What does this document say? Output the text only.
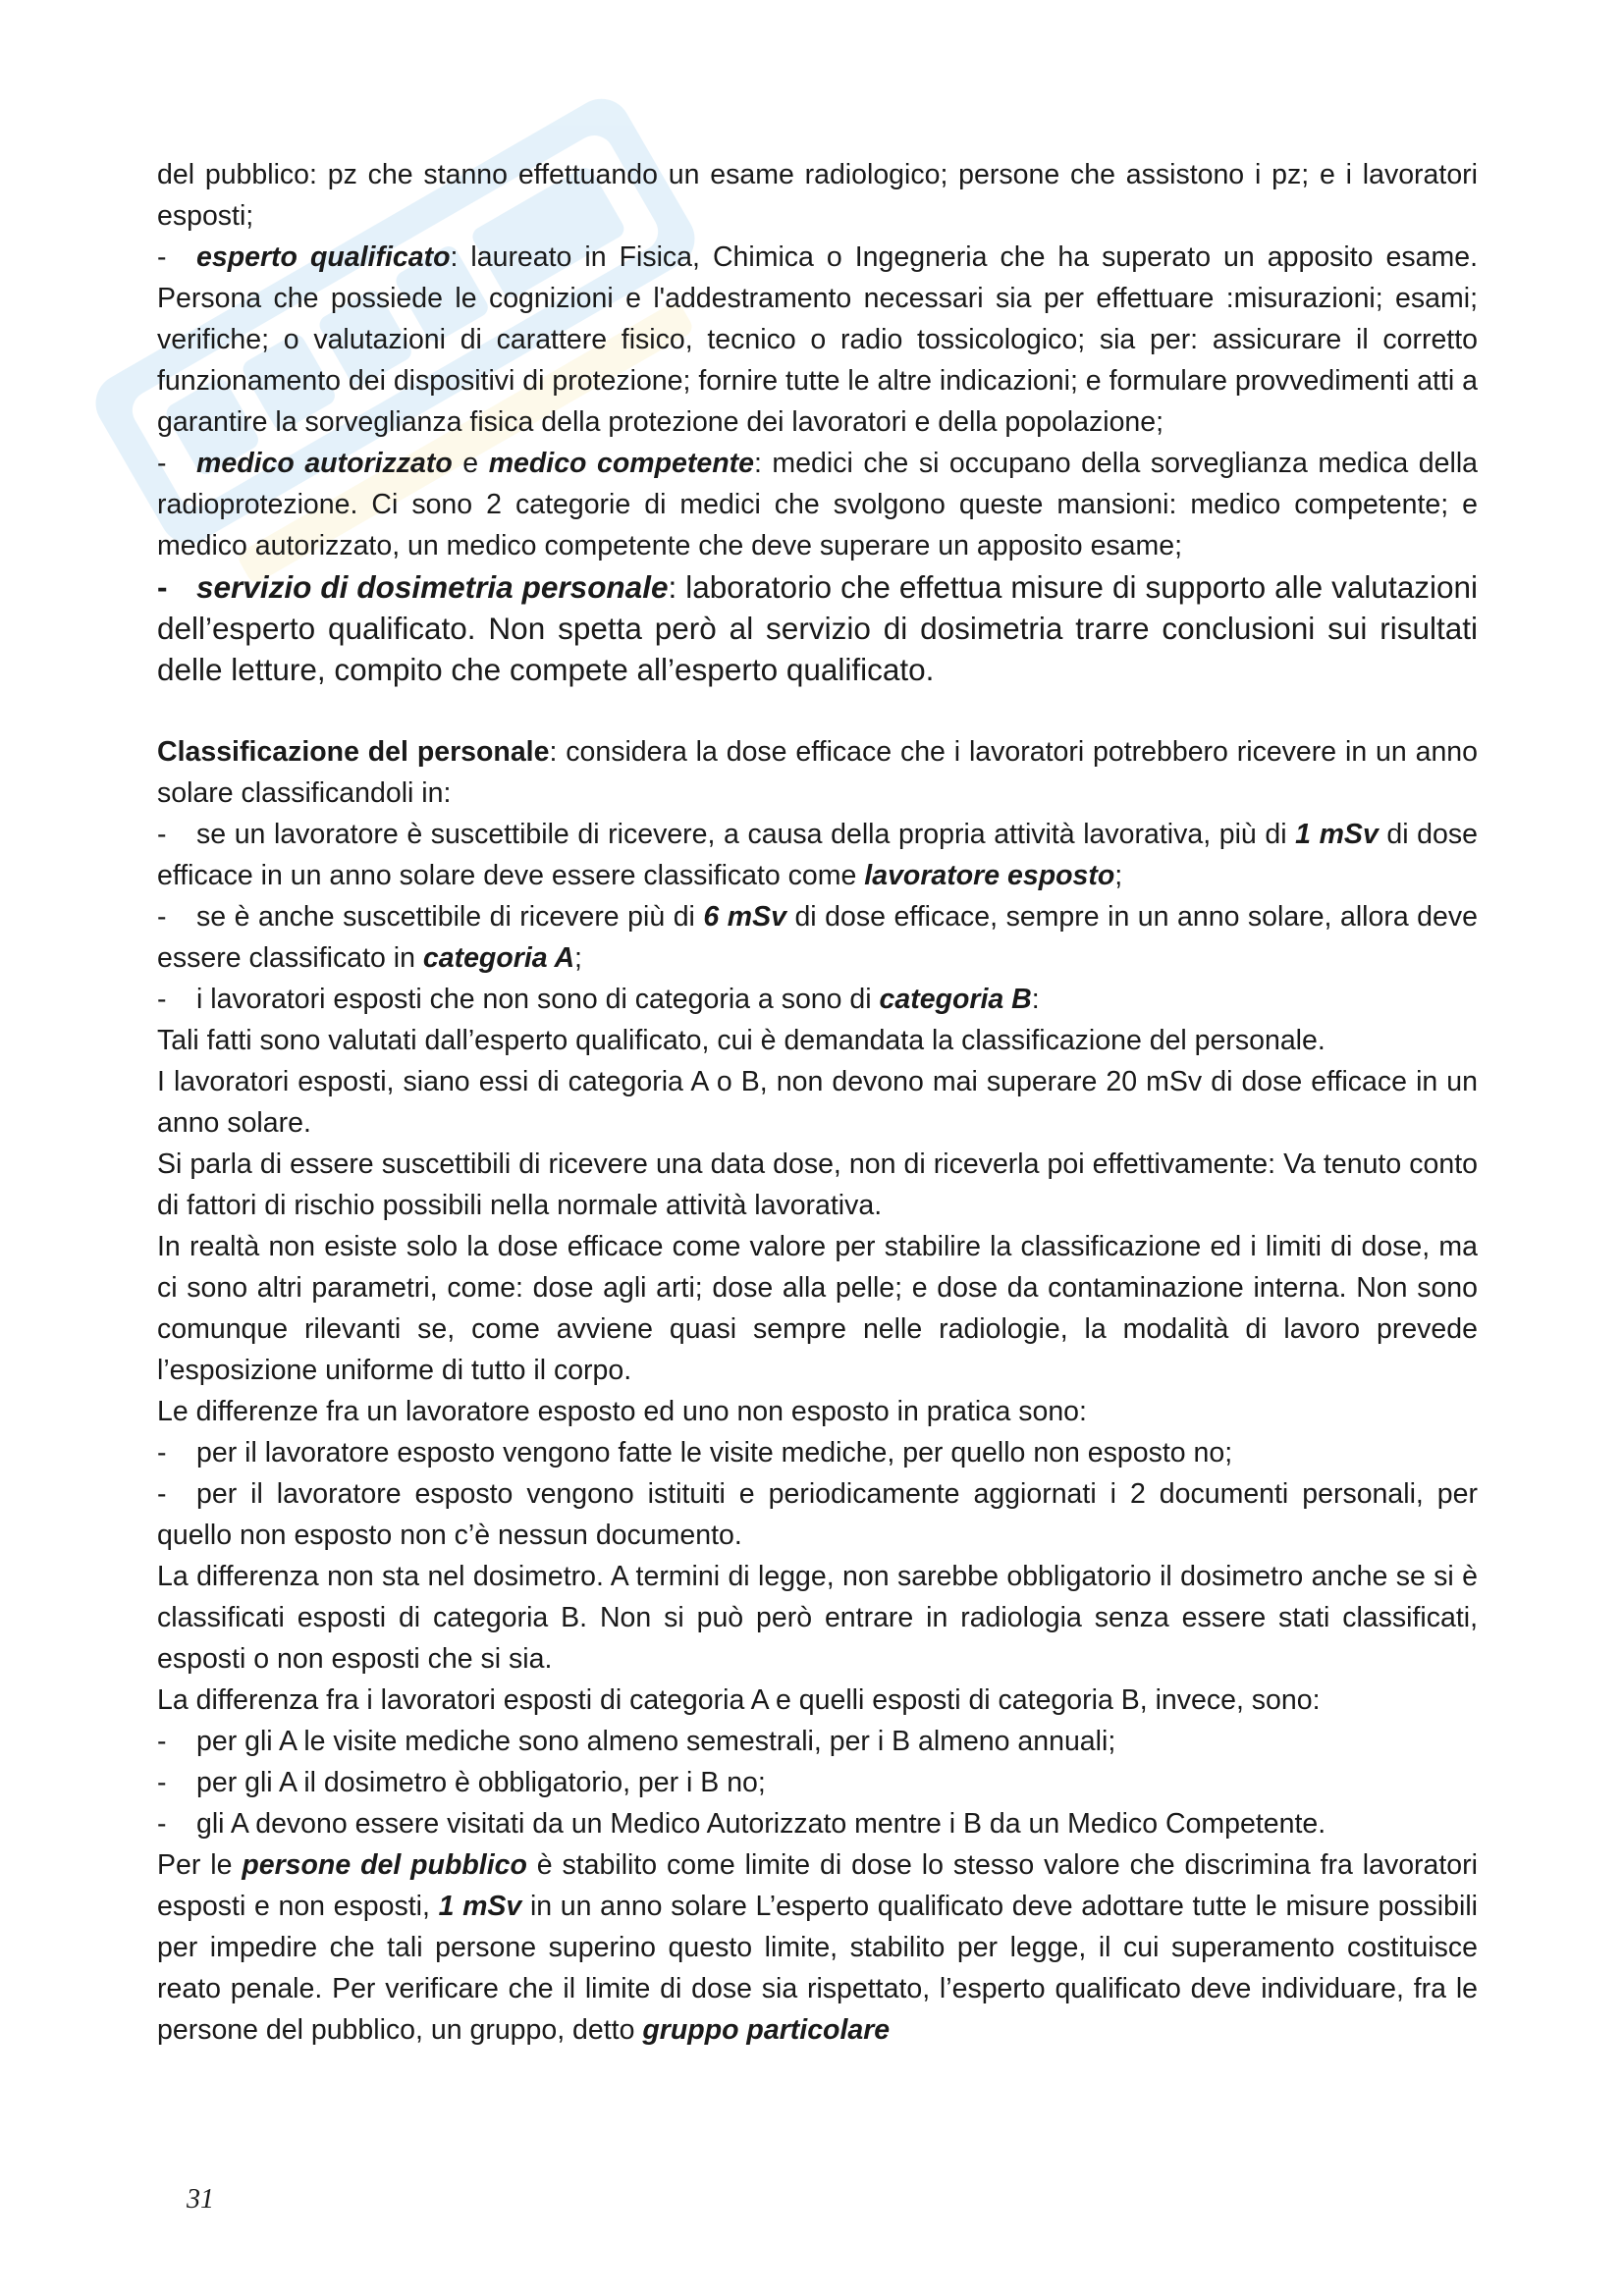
del pubblico: pz che stanno effettuando un esame radiologico; persone che assistono i pz; e i lavoratori esposti;

- esperto qualificato: laureato in Fisica, Chimica o Ingegneria che ha superato un apposito esame. Persona che possiede le cognizioni e l'addestramento necessari sia per effettuare :misurazioni; esami; verifiche; o valutazioni di carattere fisico, tecnico o radio tossicologico; sia per: assicurare il corretto funzionamento dei dispositivi di protezione; fornire tutte le altre indicazioni; e formulare provvedimenti atti a garantire la sorveglianza fisica della protezione dei lavoratori e della popolazione;

- medico autorizzato e medico competente: medici che si occupano della sorveglianza medica della radioprotezione. Ci sono 2 categorie di medici che svolgono queste mansioni: medico competente; e medico autorizzato, un medico competente che deve superare un apposito esame;

- servizio di dosimetria personale: laboratorio che effettua misure di supporto alle valutazioni dell’esperto qualificato. Non spetta però al servizio di dosimetria trarre conclusioni sui risultati delle letture, compito che compete all’esperto qualificato.

Classificazione del personale: considera la dose efficace che i lavoratori potrebbero ricevere in un anno solare classificandoli in:

- se un lavoratore è suscettibile di ricevere, a causa della propria attività lavorativa, più di 1 mSv di dose efficace in un anno solare deve essere classificato come lavoratore esposto;

- se è anche suscettibile di ricevere più di 6 mSv di dose efficace, sempre in un anno solare, allora deve essere classificato in categoria A;

- i lavoratori esposti che non sono di categoria a sono di categoria B:

Tali fatti sono valutati dall’esperto qualificato, cui è demandata la classificazione del personale.

I lavoratori esposti, siano essi di categoria A o B, non devono mai superare 20 mSv di dose efficace in un anno solare.

Si parla di essere suscettibili di ricevere una data dose, non di riceverla poi effettivamente: Va tenuto conto di fattori di rischio possibili nella normale attività lavorativa.

In realtà non esiste solo la dose efficace come valore per stabilire la classificazione ed i limiti di dose, ma ci sono altri parametri, come: dose agli arti; dose alla pelle; e dose da contaminazione interna. Non sono comunque rilevanti se, come avviene quasi sempre nelle radiologie, la modalità di lavoro prevede l’esposizione uniforme di tutto il corpo.

Le differenze fra un lavoratore esposto ed uno non esposto in pratica sono:

- per il lavoratore esposto vengono fatte le visite mediche, per quello non esposto no;

- per il lavoratore esposto vengono istituiti e periodicamente aggiornati i 2 documenti personali, per quello non esposto non c’è nessun documento.

La differenza non sta nel dosimetro. A termini di legge, non sarebbe obbligatorio il dosimetro anche se si è classificati esposti di categoria B. Non si può però entrare in radiologia senza essere stati classificati, esposti o non esposti che si sia.

La differenza fra i lavoratori esposti di categoria A e quelli esposti di categoria B, invece, sono:

- per gli A le visite mediche sono almeno semestrali, per i B almeno annuali;

- per gli A il dosimetro è obbligatorio, per i B no;

- gli A devono essere visitati da un Medico Autorizzato mentre i B da un Medico Competente.

Per le persone del pubblico è stabilito come limite di dose lo stesso valore che discrimina fra lavoratori esposti e non esposti, 1 mSv in un anno solare L’esperto qualificato deve adottare tutte le misure possibili per impedire che tali persone superino questo limite, stabilito per legge, il cui superamento costituisce reato penale. Per verificare che il limite di dose sia rispettato, l’esperto qualificato deve individuare, fra le persone del pubblico, un gruppo, detto gruppo particolare

31
